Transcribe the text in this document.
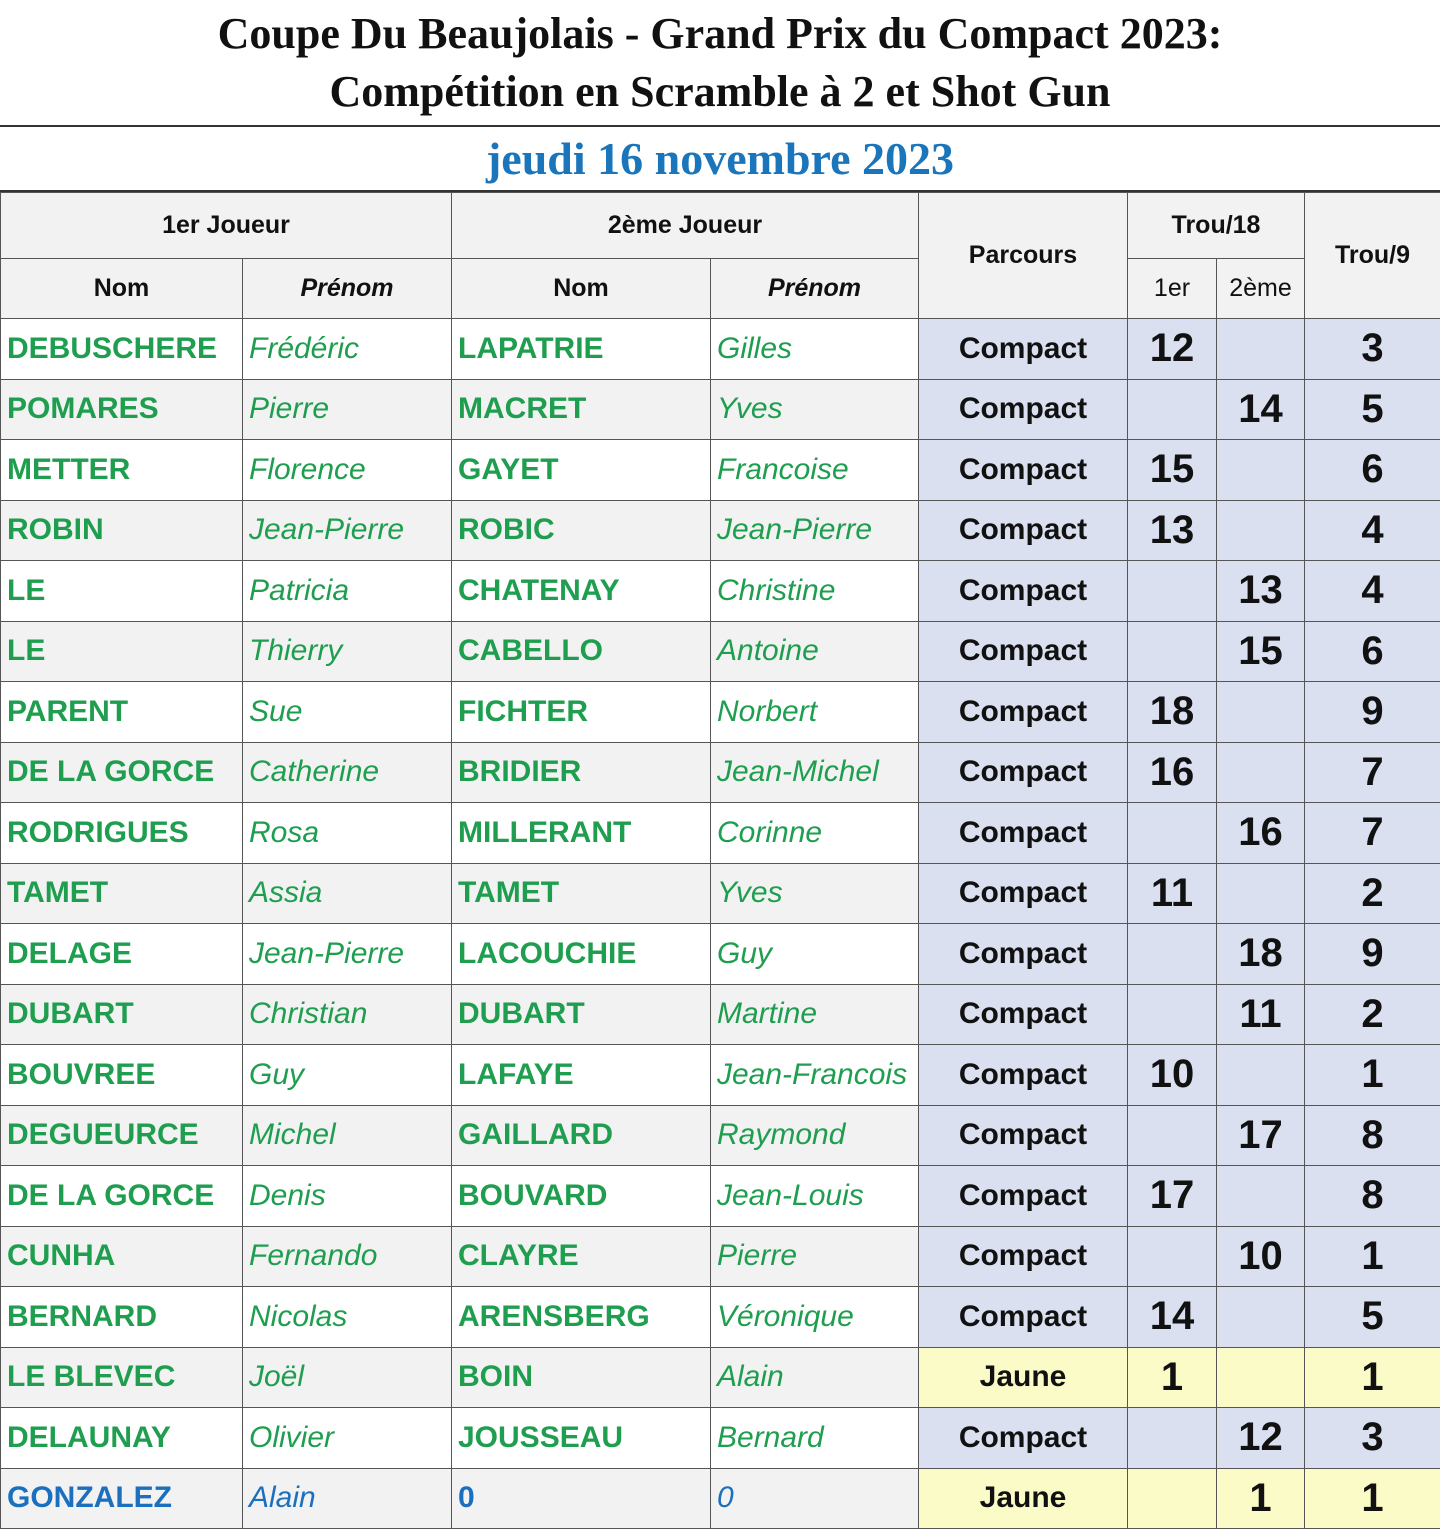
Coupe Du Beaujolais - Grand Prix du Compact 2023:
Compétition en Scramble à 2 et Shot Gun
jeudi 16 novembre 2023
1er Joueur		2ème Joueur		Parcours	Trou/18		Trou/9
Nom	Prénom	Nom	Prénom		1er	2ème	
DEBUSCHERE	Frédéric	LAPATRIE	Gilles	Compact	12		3
POMARES	Pierre	MACRET	Yves	Compact		14	5
METTER	Florence	GAYET	Francoise	Compact	15		6
ROBIN	Jean-Pierre	ROBIC	Jean-Pierre	Compact	13		4
LE	Patricia	CHATENAY	Christine	Compact		13	4
LE	Thierry	CABELLO	Antoine	Compact		15	6
PARENT	Sue	FICHTER	Norbert	Compact	18		9
DE LA GORCE	Catherine	BRIDIER	Jean-Michel	Compact	16		7
RODRIGUES	Rosa	MILLERANT	Corinne	Compact		16	7
TAMET	Assia	TAMET	Yves	Compact	11		2
DELAGE	Jean-Pierre	LACOUCHIE	Guy	Compact		18	9
DUBART	Christian	DUBART	Martine	Compact		11	2
BOUVREE	Guy	LAFAYE	Jean-Francois	Compact	10		1
DEGUEURCE	Michel	GAILLARD	Raymond	Compact		17	8
DE LA GORCE	Denis	BOUVARD	Jean-Louis	Compact	17		8
CUNHA	Fernando	CLAYRE	Pierre	Compact		10	1
BERNARD	Nicolas	ARENSBERG	Véronique	Compact	14		5
LE BLEVEC	Joël	BOIN	Alain	Jaune	1		1
DELAUNAY	Olivier	JOUSSEAU	Bernard	Compact		12	3
GONZALEZ	Alain	0	0	Jaune		1	1
